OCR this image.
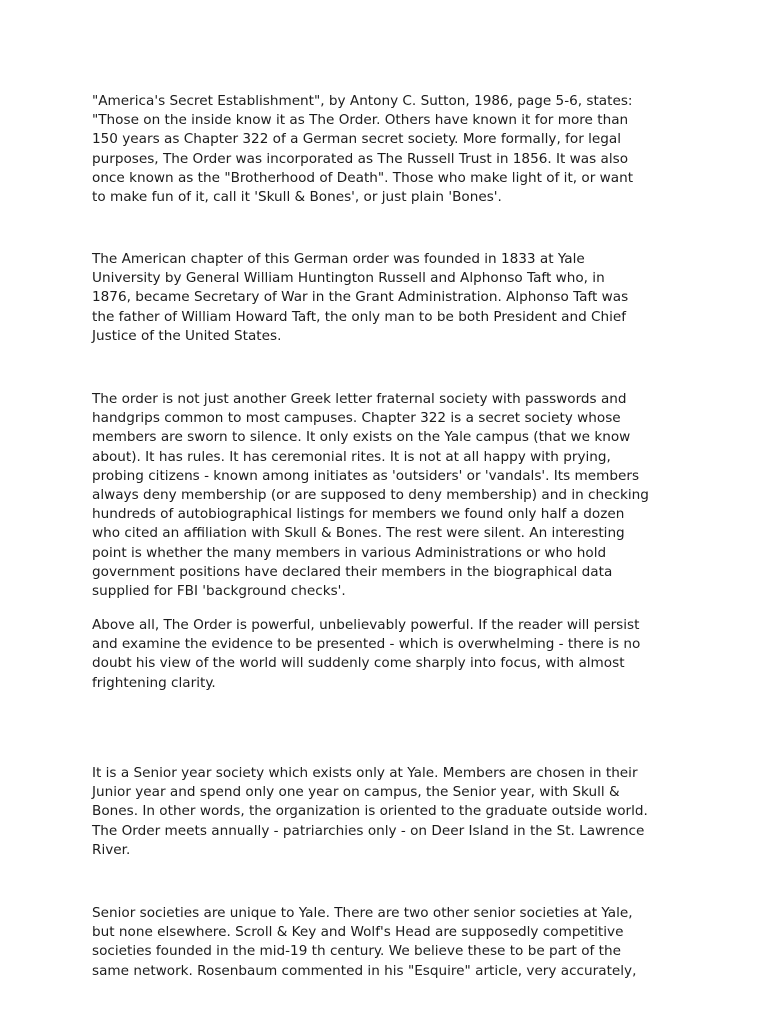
"America's Secret Establishment", by Antony C. Sutton, 1986, page 5-6, states:
"Those on the inside know it as The Order. Others have known it for more than
150 years as Chapter 322 of a German secret society. More formally, for legal
purposes, The Order was incorporated as The Russell Trust in 1856. It was also
once known as the "Brotherhood of Death". Those who make light of it, or want
to make fun of it, call it 'Skull & Bones', or just plain 'Bones'.

The American chapter of this German order was founded in 1833 at Yale
University by General William Huntington Russell and Alphonso Taft who, in
1876, became Secretary of War in the Grant Administration. Alphonso Taft was
the father of William Howard Taft, the only man to be both President and Chief
Justice of the United States.

The order is not just another Greek letter fraternal society with passwords and
handgrips common to most campuses. Chapter 322 is a secret society whose
members are sworn to silence. It only exists on the Yale campus (that we know
about). It has rules. It has ceremonial rites. It is not at all happy with prying,
probing citizens - known among initiates as 'outsiders' or 'vandals'. Its members
always deny membership (or are supposed to deny membership) and in checking
hundreds of autobiographical listings for members we found only half a dozen
who cited an affiliation with Skull & Bones. The rest were silent. An interesting
point is whether the many members in various Administrations or who hold
government positions have declared their members in the biographical data
supplied for FBI 'background checks'.

Above all, The Order is powerful, unbelievably powerful. If the reader will persist
and examine the evidence to be presented - which is overwhelming - there is no
doubt his view of the world will suddenly come sharply into focus, with almost
frightening clarity.

It is a Senior year society which exists only at Yale. Members are chosen in their
Junior year and spend only one year on campus, the Senior year, with Skull &
Bones. In other words, the organization is oriented to the graduate outside world.
The Order meets annually - patriarchies only - on Deer Island in the St. Lawrence
River.

Senior societies are unique to Yale. There are two other senior societies at Yale,
but none elsewhere. Scroll & Key and Wolf's Head are supposedly competitive
societies founded in the mid-19 th century. We believe these to be part of the
same network. Rosenbaum commented in his "Esquire" article, very accurately,
